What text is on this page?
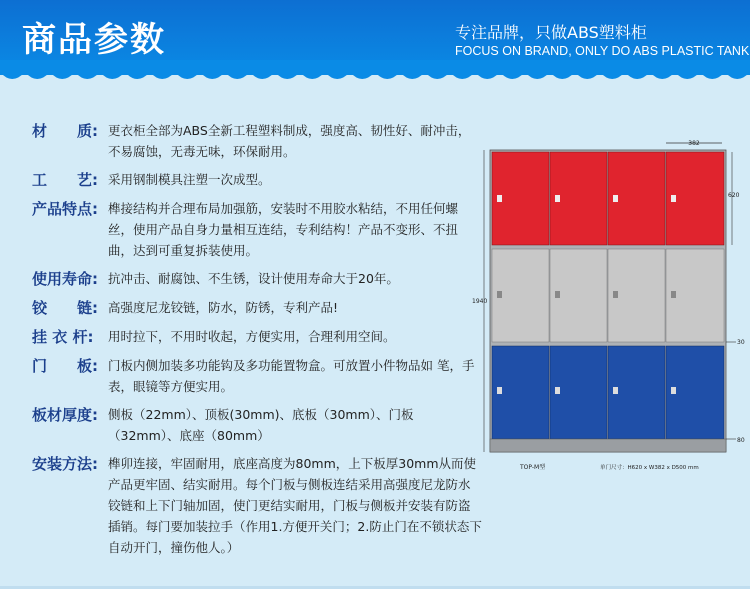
商品参数	专注品牌，只做ABS塑料柜
FOCUS ON BRAND, ONLY DO ABS PLASTIC TANK
材　　质: 更衣柜全部为ABS全新工程塑料制成，强度高、韧性好、耐冲击，不易腐蚀，无毒无味，环保耐用。
工　　艺: 采用钢制模具注塑一次成型。
产品特点: 榫接结构并合理布局加强筋，安装时不用胶水粘结，不用任何螺丝，使用产品自身力量相互连结，专利结构！产品不变形、不扭曲，达到可重复拆装使用。
使用寿命: 抗冲击、耐腐蚀、不生锈，设计使用寿命大于20年。
铰　　链: 高强度尼龙铰链，防水，防锈，专利产品!
挂 衣 杆:	用时拉下，不用时收起，方便实用，合理利用空间。
门　　板: 门板内侧加装多功能钩及多功能置物盒。可放置小件物品如 笔，手表，眼镜等方便实用。
板材厚度: 侧板（22mm）、顶板(30mm)、底板（30mm）、门板（32mm）、底座（80mm）
安装方法: 榫卯连接，牢固耐用，底座高度为80mm，上下板厚30mm从而使产品更牢固、结实耐用。每个门板与侧板连结采用高强度尼龙防水铰链和上下门轴加固，使门更结实耐用，门板与侧板并安装有防盗插销。每门要加装拉手（作用1.方便开关门；2.防止门在不锁状态下自动开门，撞伤他人。）
382
620
30
80
1940
TOP-M型	单门尺寸：H620 x W382 x D500 mm
